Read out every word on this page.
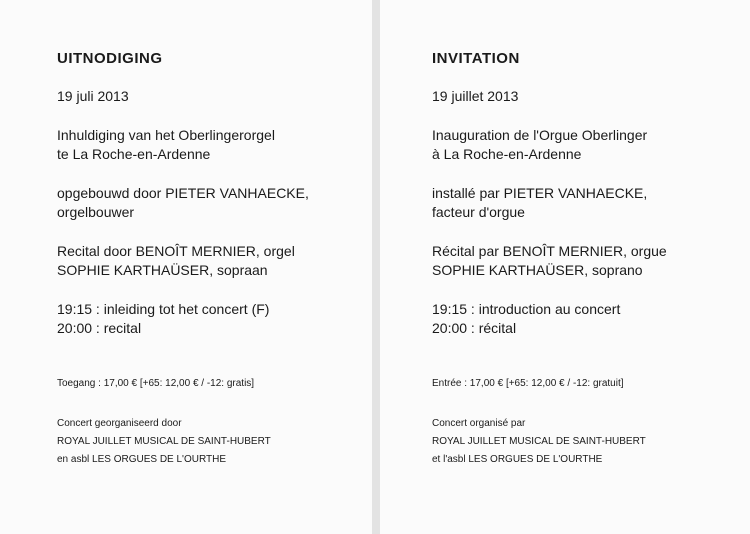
UITNODIGING

19 juli 2013

Inhuldiging van het Oberlingerorgel

te La Roche-en-Ardenne

opgebouwd door PIETER VANHAECKE,

orgelbouwer

Recital door BENOÎT MERNIER, orgel

SOPHIE KARTHAÜSER, sopraan

19:15 : inleiding tot het concert (F)

20:00 : recital

Toegang : 17,00 € [+65: 12,00 € / -12: gratis]

Concert georganiseerd door

ROYAL JUILLET MUSICAL DE SAINT-HUBERT

en asbl LES ORGUES DE L'OURTHE

INVITATION

19 juillet 2013

Inauguration de l'Orgue Oberlinger

à La Roche-en-Ardenne

installé par PIETER VANHAECKE,

facteur d'orgue

Récital par BENOÎT MERNIER, orgue

SOPHIE KARTHAÜSER, soprano

19:15 : introduction au concert

20:00 : récital

Entrée : 17,00 € [+65: 12,00 € / -12: gratuit]

Concert organisé par

ROYAL JUILLET MUSICAL DE SAINT-HUBERT

et l'asbl LES ORGUES DE L'OURTHE
